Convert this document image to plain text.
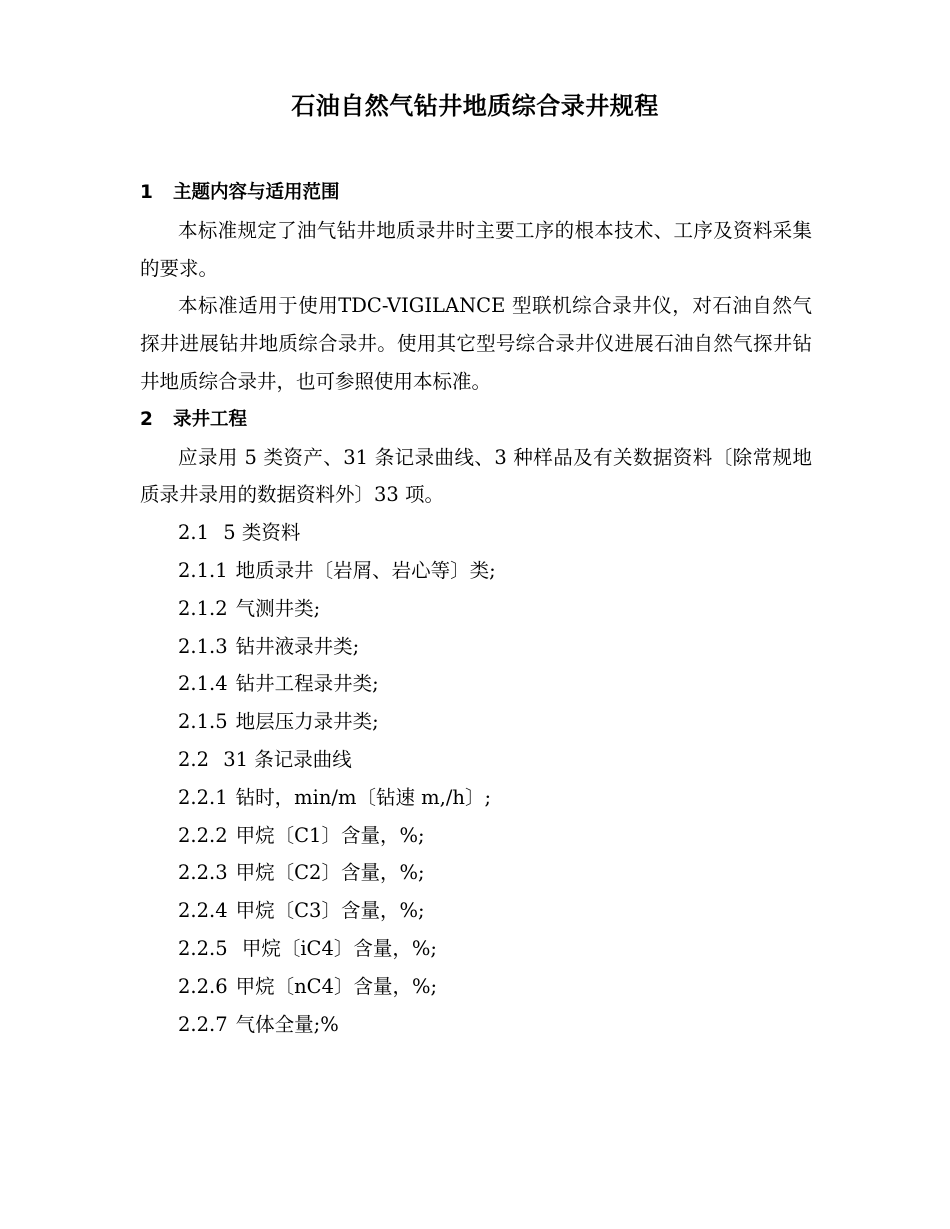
石油自然气钻井地质综合录井规程

1 主题内容与适用范围

本标准规定了油气钻井地质录井时主要工序的根本技术、工序及资料采集的要求。

本标准适用于使用TDC-VIGILANCE 型联机综合录井仪，对石油自然气探井进展钻井地质综合录井。使用其它型号综合录井仪进展石油自然气探井钻井地质综合录井，也可参照使用本标准。

2 录井工程

应录用 5 类资产、31 条记录曲线、3 种样品及有关数据资料〔除常规地质录井录用的数据资料外〕33 项。

2.1 5 类资料

2.1.1 地质录井〔岩屑、岩心等〕类;

2.1.2 气测井类;

2.1.3 钻井液录井类;

2.1.4 钻井工程录井类;

2.1.5 地层压力录井类;

2.2 31 条记录曲线

2.2.1 钻时，min/m〔钻速 m,/h〕;

2.2.2 甲烷〔C1〕含量，%;

2.2.3 甲烷〔C2〕含量，%;

2.2.4 甲烷〔C3〕含量，%;

2.2.5 甲烷〔iC4〕含量，%;

2.2.6 甲烷〔nC4〕含量，%;

2.2.7 气体全量;%
